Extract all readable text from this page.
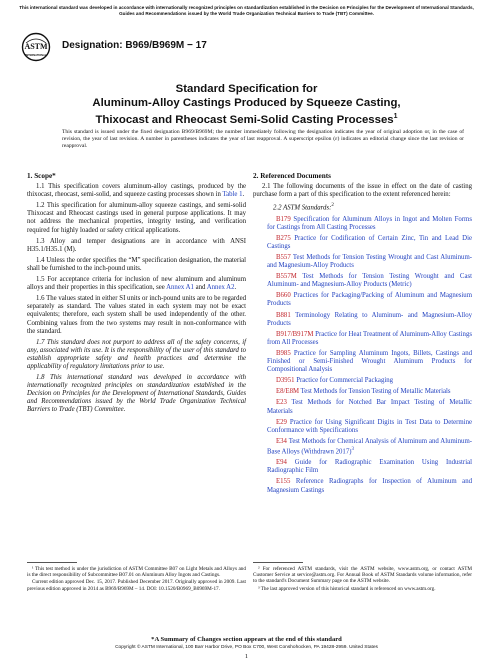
This international standard was developed in accordance with internationally recognized principles on standardization established in the Decision on Principles for the Development of International Standards, Guides and Recommendations issued by the World Trade Organization Technical Barriers to Trade (TBT) Committee.
ASTM
INTERNATIONAL
Designation: B969/B969M − 17
Standard Specification for
Aluminum-Alloy Castings Produced by Squeeze Casting,
Thixocast and Rheocast Semi-Solid Casting Processes$^1$
This standard is issued under the fixed designation B969/B969M; the number immediately following the designation indicates the year of original adoption or, in the case of revision, the year of last revision. A number in parentheses indicates the year of last reapproval. A superscript epsilon (ε) indicates an editorial change since the last revision or reapproval.
1. Scope*

1.1 This specification covers aluminum-alloy castings, produced by the thixocast, rheocast, semi-solid, and squeeze casting processes shown in Table 1.

1.2 This specification for aluminum-alloy squeeze castings, and semi-solid Thixocast and Rheocast castings used in general purpose applications. It may not address the mechanical properties, integrity testing, and verification required for highly loaded or safety critical applications.

1.3 Alloy and temper designations are in accordance with ANSI H35.1/H35.1 (M).

1.4 Unless the order specifies the “M” specification designation, the material shall be furnished to the inch-pound units.

1.5 For acceptance criteria for inclusion of new aluminum and aluminum alloys and their properties in this specification, see Annex A1 and Annex A2.

1.6 The values stated in either SI units or inch-pound units are to be regarded separately as standard. The values stated in each system may not be exact equivalents; therefore, each system shall be used independently of the other. Combining values from the two systems may result in non-conformance with the standard.

1.7 This standard does not purport to address all of the safety concerns, if any, associated with its use. It is the responsibility of the user of this standard to establish appropriate safety and health practices and determine the applicability of regulatory limitations prior to use.

1.8 This international standard was developed in accordance with internationally recognized principles on standardization established in the Decision on Principles for the Development of International Standards, Guides and Recommendations issued by the World Trade Organization Technical Barriers to Trade (TBT) Committee.

2. Referenced Documents

2.1 The following documents of the issue in effect on the date of casting purchase form a part of this specification to the extent referenced herein:

2.2 ASTM Standards:$^2$

B179 Specification for Aluminum Alloys in Ingot and Molten Forms for Castings from All Casting Processes

B275 Practice for Codification of Certain Zinc, Tin and Lead Die Castings

B557 Test Methods for Tension Testing Wrought and Cast Aluminum- and Magnesium-Alloy Products

B557M Test Methods for Tension Testing Wrought and Cast Aluminum- and Magnesium-Alloy Products (Metric)

B660 Practices for Packaging/Packing of Aluminum and Magnesium Products

B881 Terminology Relating to Aluminum- and Magnesium-Alloy Products

B917/B917M Practice for Heat Treatment of Aluminum-Alloy Castings from All Processes

B985 Practice for Sampling Aluminum Ingots, Billets, Castings and Finished or Semi-Finished Wrought Aluminum Products for Compositional Analysis

D3951 Practice for Commercial Packaging

E8/E8M Test Methods for Tension Testing of Metallic Materials

E23 Test Methods for Notched Bar Impact Testing of Metallic Materials

E29 Practice for Using Significant Digits in Test Data to Determine Conformance with Specifications

E34 Test Methods for Chemical Analysis of Aluminum and Aluminum-Base Alloys (Withdrawn 2017)$^3$

E94 Guide for Radiographic Examination Using Industrial Radiographic Film

E155 Reference Radiographs for Inspection of Aluminum and Magnesium Castings

¹ This test method is under the jurisdiction of ASTM Committee B07 on Light Metals and Alloys and is the direct responsibility of Subcommittee B07.01 on Aluminum Alloy Ingots and Castings.

Current edition approved Dec. 15, 2017. Published December 2017. Originally approved in 2009. Last previous edition approved in 2014 as B969/B969M – 14. DOI: 10.1520/B0969_B0969M-17.

² For referenced ASTM standards, visit the ASTM website, www.astm.org, or contact ASTM Customer Service at service@astm.org. For Annual Book of ASTM Standards volume information, refer to the standard's Document Summary page on the ASTM website.

³ The last approved version of this historical standard is referenced on www.astm.org.

*A Summary of Changes section appears at the end of this standard
Copyright © ASTM International, 100 Barr Harbor Drive, PO Box C700, West Conshohocken, PA 19428-2959. United States
1
